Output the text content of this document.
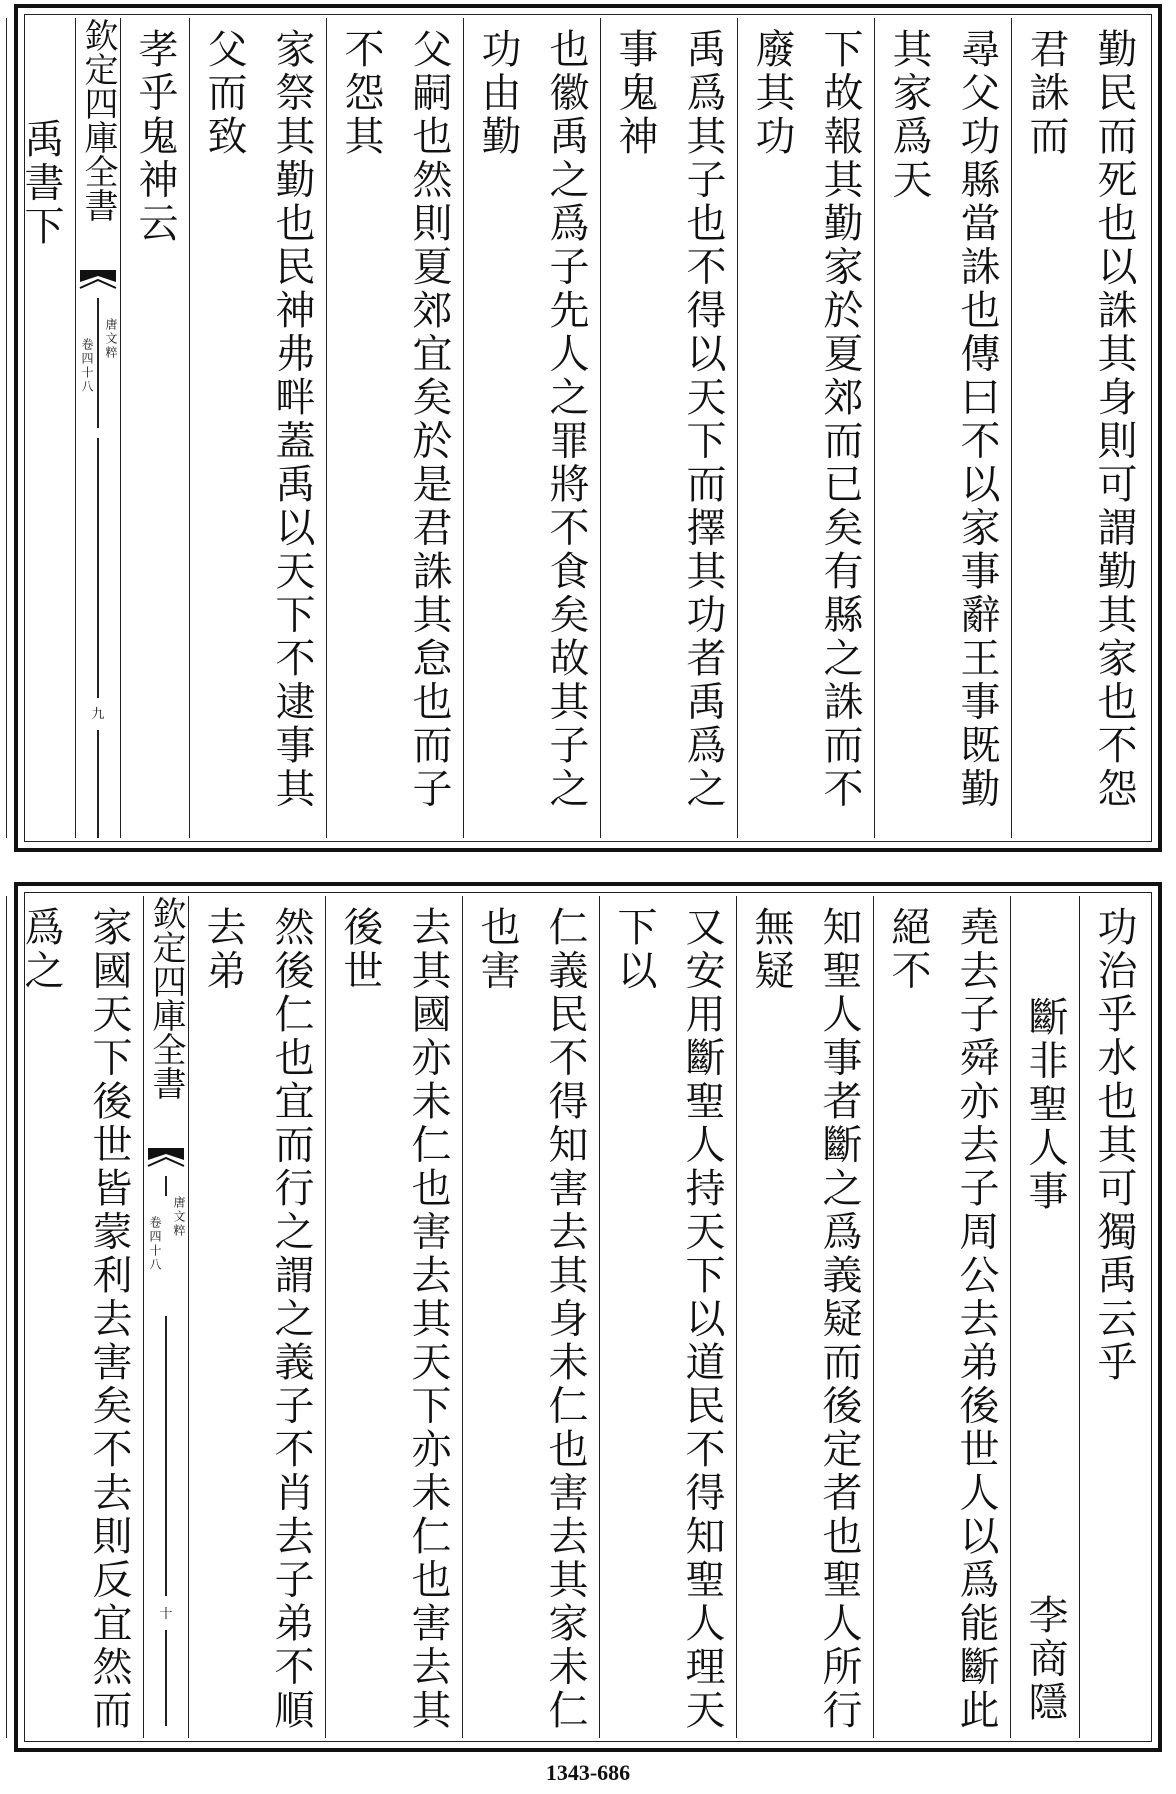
勤民而死也以誅其身則可謂勤其家也不怨君誅而
尋父功縣當誅也傳曰不以家事辭王事既勤其家爲天
下故報其勤家於夏郊而已矣有縣之誅而不廢其功
禹爲其子也不得以天下而擇其功者禹爲之事鬼神
也徽禹之爲子先人之罪將不食矣故其子之功由勤
父嗣也然則夏郊宜矣於是君誅其怠也而子不怨其
家祭其勤也民神弗畔蓋禹以天下不逮事其父而致
孝乎鬼神云
欽定四庫全書
唐文粹
卷四十八
九
禹書下
功治乎水也其可獨禹云乎
斷非聖人事
李商隱
堯去子舜亦去子周公去弟後世人以爲能斷此絕不
知聖人事者斷之爲義疑而後定者也聖人所行無疑
又安用斷聖人持天下以道民不得知聖人理天下以
仁義民不得知害去其身未仁也害去其家未仁也害
去其國亦未仁也害去其天下亦未仁也害去其後世
然後仁也宜而行之謂之義子不肖去子弟不順去弟
欽定四庫全書
唐文粹
卷四十八
十
家國天下後世皆蒙利去害矣不去則反宜然而爲之
1343-686
